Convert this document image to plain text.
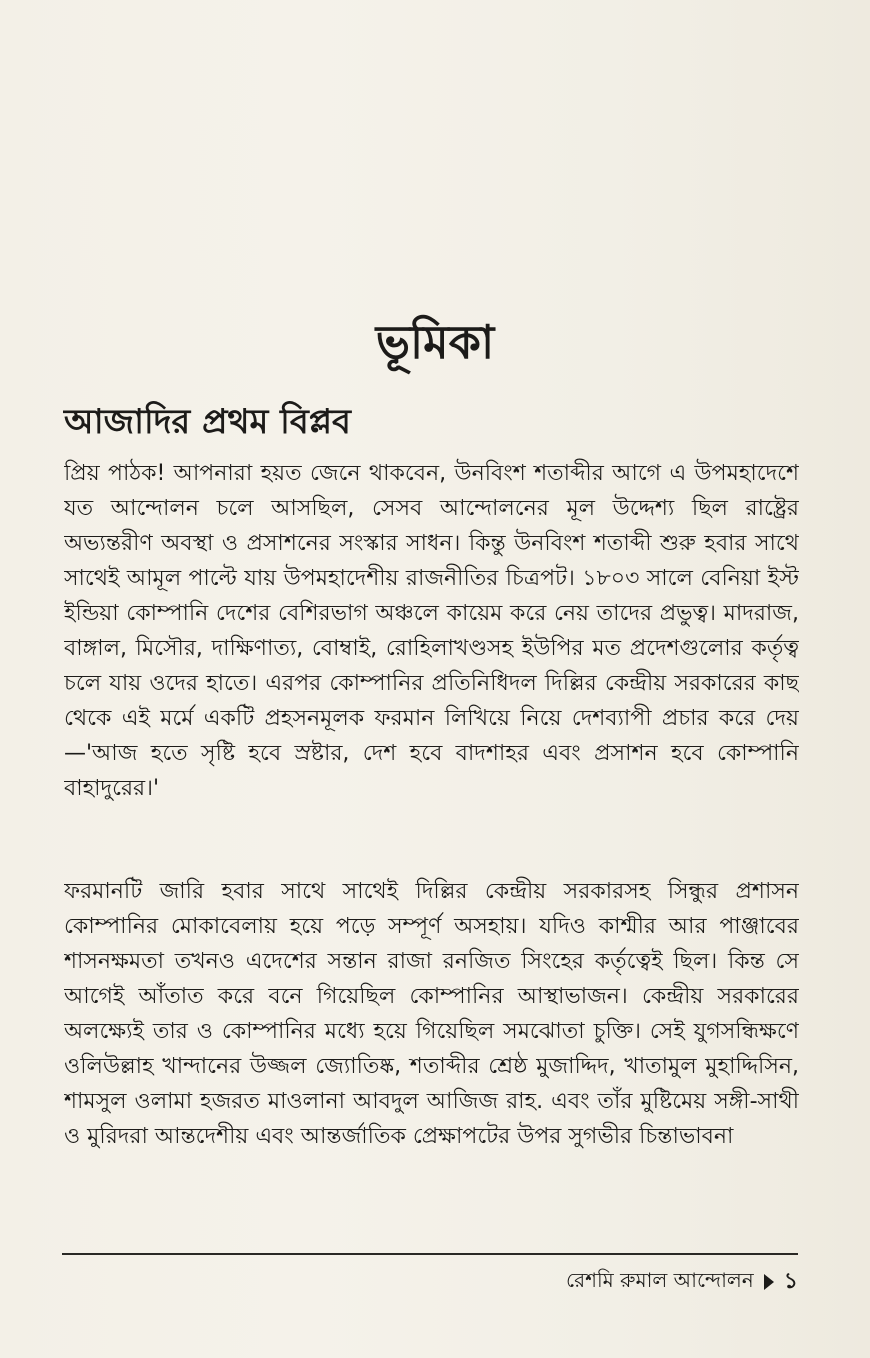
ভূমিকা
আজাদির প্রথম বিপ্লব
প্রিয় পাঠক! আপনারা হয়ত জেনে থাকবেন, উনবিংশ শতাব্দীর আগে এ উপমহাদেশে যত আন্দোলন চলে আসছিল, সেসব আন্দোলনের মূল উদ্দেশ্য ছিল রাষ্ট্রের অভ্যন্তরীণ অবস্থা ও প্রসাশনের সংস্কার সাধন। কিন্তু উনবিংশ শতাব্দী শুরু হবার সাথে সাথেই আমূল পাল্টে যায় উপমহাদেশীয় রাজনীতির চিত্রপট। ১৮০৩ সালে বেনিয়া ইস্ট ইন্ডিয়া কোম্পানি দেশের বেশিরভাগ অঞ্চলে কায়েম করে নেয় তাদের প্রভুত্ব। মাদরাজ, বাঙ্গাল, মিসৌর, দাক্ষিণাত্য, বোম্বাই, রোহিলাখণ্ডসহ ইউপির মত প্রদেশগুলোর কর্তৃত্ব চলে যায় ওদের হাতে। এরপর কোম্পানির প্রতিনিধিদল দিল্লির কেন্দ্রীয় সরকারের কাছ থেকে এই মর্মে একটি প্রহসনমূলক ফরমান লিখিয়ে নিয়ে দেশব্যাপী প্রচার করে দেয়—'আজ হতে সৃষ্টি হবে স্রষ্টার, দেশ হবে বাদশাহর এবং প্রসাশন হবে কোম্পানি বাহাদুরের।'
ফরমানটি জারি হবার সাথে সাথেই দিল্লির কেন্দ্রীয় সরকারসহ সিন্ধুর প্রশাসন কোম্পানির মোকাবেলায় হয়ে পড়ে সম্পূর্ণ অসহায়। যদিও কাশ্মীর আর পাঞ্জাবের শাসনক্ষমতা তখনও এদেশের সন্তান রাজা রনজিত সিংহের কর্তৃত্বেই ছিল। কিন্ত সে আগেই আঁতাত করে বনে গিয়েছিল কোম্পানির আস্থাভাজন। কেন্দ্রীয় সরকারের অলক্ষ্যেই তার ও কোম্পানির মধ্যে হয়ে গিয়েছিল সমঝোতা চুক্তি। সেই যুগসন্ধিক্ষণে ওলিউল্লাহ খান্দানের উজ্জল জ্যোতিষ্ক, শতাব্দীর শ্রেষ্ঠ মুজাদ্দিদ, খাতামুল মুহাদ্দিসিন, শামসুল ওলামা হজরত মাওলানা আবদুল আজিজ রাহ. এবং তাঁর মুষ্টিমেয় সঙ্গী-সাথী ও মুরিদরা আন্তদেশীয় এবং আন্তর্জাতিক প্রেক্ষাপটের উপর সুগভীর চিন্তাভাবনা
রেশমি রুমাল আন্দোলন ১
